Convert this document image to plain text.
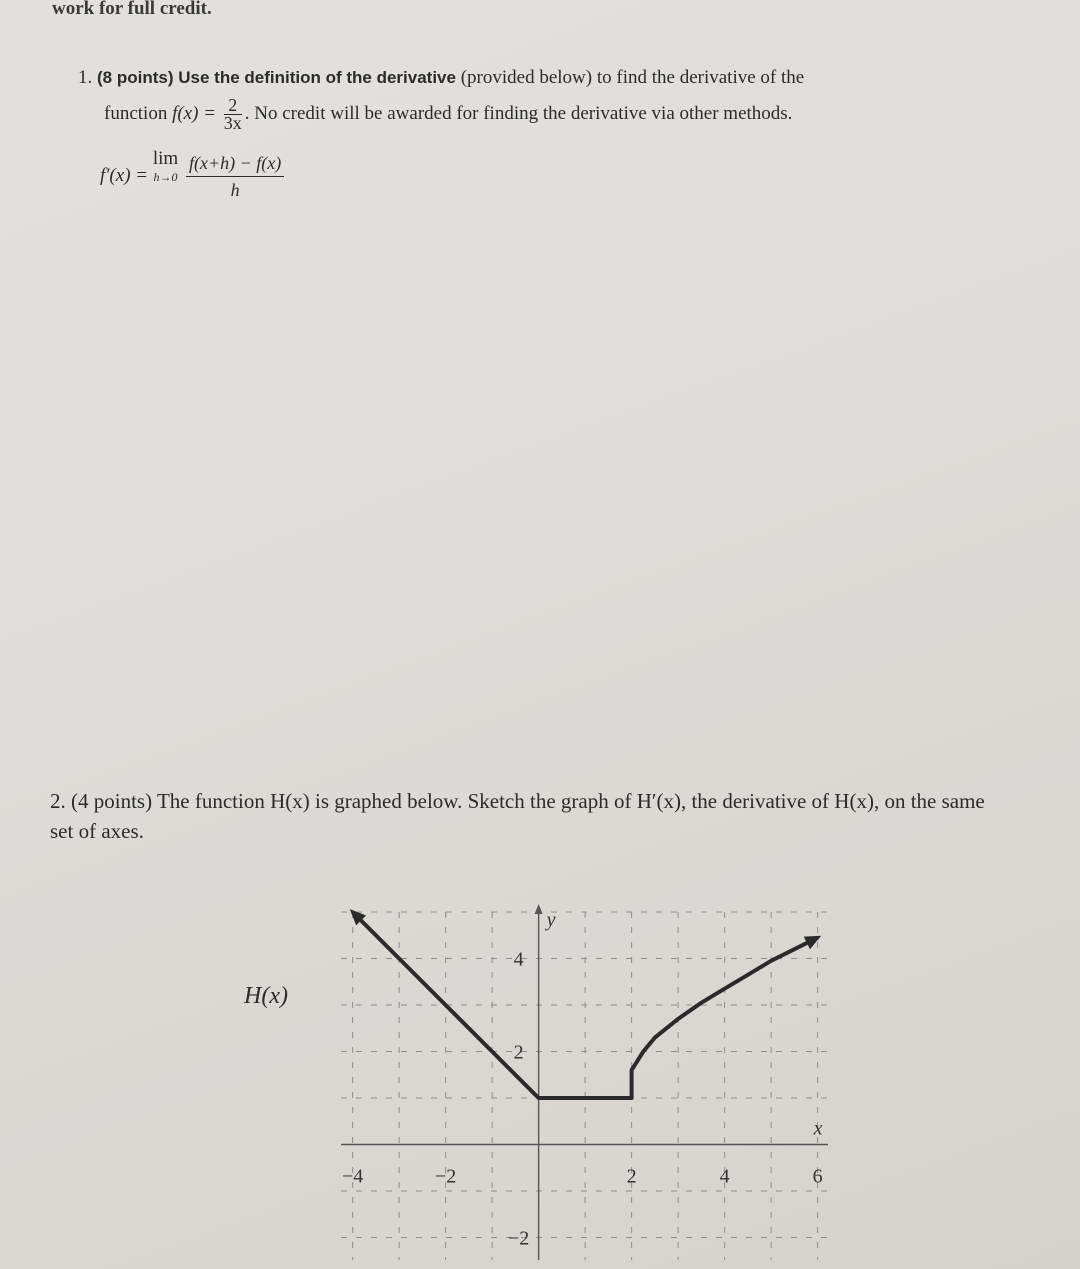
work for full credit.
1. (8 points) Use the definition of the derivative (provided below) to find the derivative of the
function $f(x) = \frac{2}{3x}$ . No credit will be awarded for finding the derivative via other methods.
f′(x) = lim
h→0
$\frac{f(x+h) - f(x)}{h}$
2. (4 points) The function H(x) is graphed below. Sketch the graph of H′(x), the derivative of H(x), on the same set of axes.
H(x)
x
y
−4	−2	2	4	6
4
2
−2
